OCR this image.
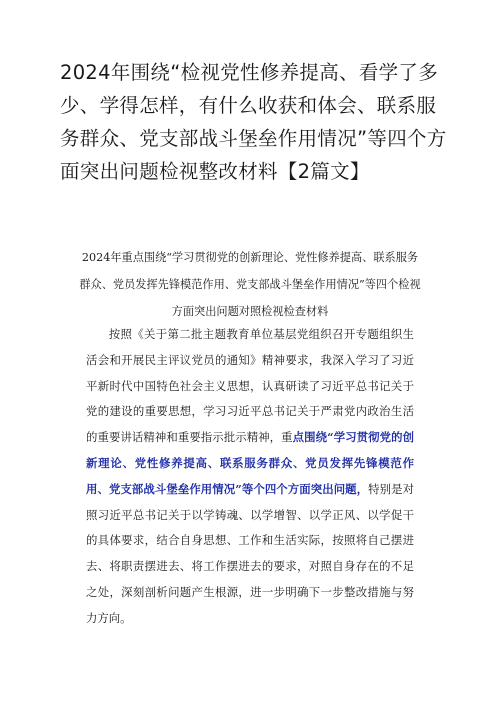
2024年围绕“检视党性修养提高、看学了多少、学得怎样，有什么收获和体会、联系服务群众、党支部战斗堡垒作用情况”等四个方面突出问题检视整改材料【2篇文】

2024年重点围绕“学习贯彻党的创新理论、党性修养提高、联系服务群众、党员发挥先锋模范作用、党支部战斗堡垒作用情况”等四个检视方面突出问题对照检视检查材料

按照《关于第二批主题教育单位基层党组织召开专题组织生活会和开展民主评议党员的通知》精神要求，我深入学习了习近平新时代中国特色社会主义思想，认真研读了习近平总书记关于党的建设的重要思想，学习习近平总书记关于严肃党内政治生活的重要讲话精神和重要指示批示精神，重点围绕“学习贯彻党的创新理论、党性修养提高、联系服务群众、党员发挥先锋模范作用、党支部战斗堡垒作用情况”等个四个方面突出问题，特别是对照习近平总书记关于以学铸魂、以学增智、以学正风、以学促干的具体要求，结合自身思想、工作和生活实际，按照将自己摆进去、将职责摆进去、将工作摆进去的要求，对照自身存在的不足之处，深刻剖析问题产生根源，进一步明确下一步整改措施与努力方向。
